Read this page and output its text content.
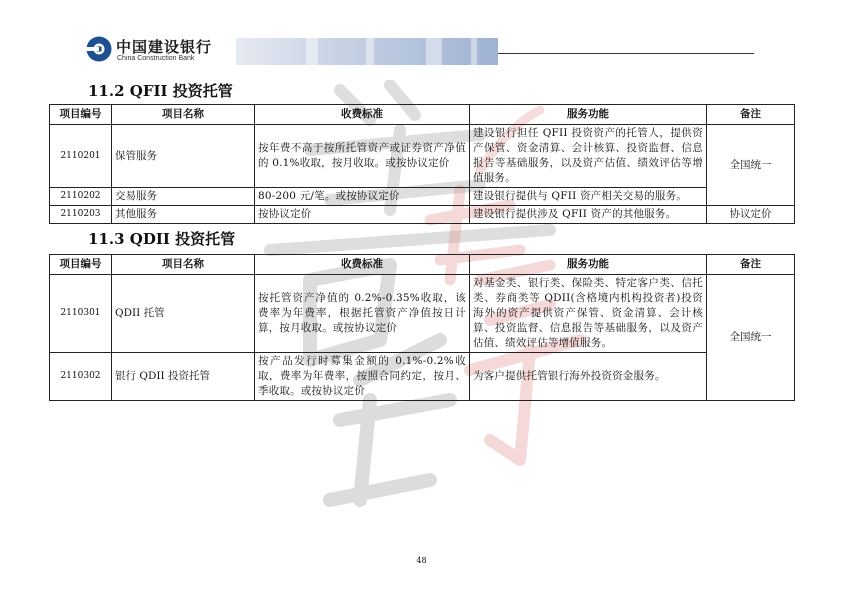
中国建设银行
China Construction Bank
11.2 QFII 投资托管
项目编号	项目名称	收费标准	服务功能	备注
2110201	保管服务	按年费不高于按所托管资产或证券资产净值的 0.1%收取，按月收取。或按协议定价	建设银行担任 QFII 投资资产的托管人，提供资产保管、资金清算、会计核算、投资监督、信息报告等基础服务，以及资产估值、绩效评估等增值服务。	全国统一
2110202	交易服务	80-200 元/笔。或按协议定价	建设银行提供与 QFII 资产相关交易的服务。	
2110203	其他服务	按协议定价	建设银行提供涉及 QFII 资产的其他服务。	协议定价
11.3 QDII 投资托管
项目编号	项目名称	收费标准	服务功能	备注
2110301	QDII 托管	按托管资产净值的 0.2%-0.35%收取，该费率为年费率，根据托管资产净值按日计算，按月收取。或按协议定价	对基金类、银行类、保险类、特定客户类、信托类、券商类等 QDII(含格境内机构投资者)投资海外的资产提供资产保管、资金清算、会计核算、投资监督、信息报告等基础服务，以及资产估值、绩效评估等增值服务。	全国统一
2110302	银行 QDII 投资托管	按产品发行时募集金额的 0.1%-0.2%收取，费率为年费率，按照合同约定，按月、季收取。或按协议定价	为客户提供托管银行海外投资资金服务。	
48
